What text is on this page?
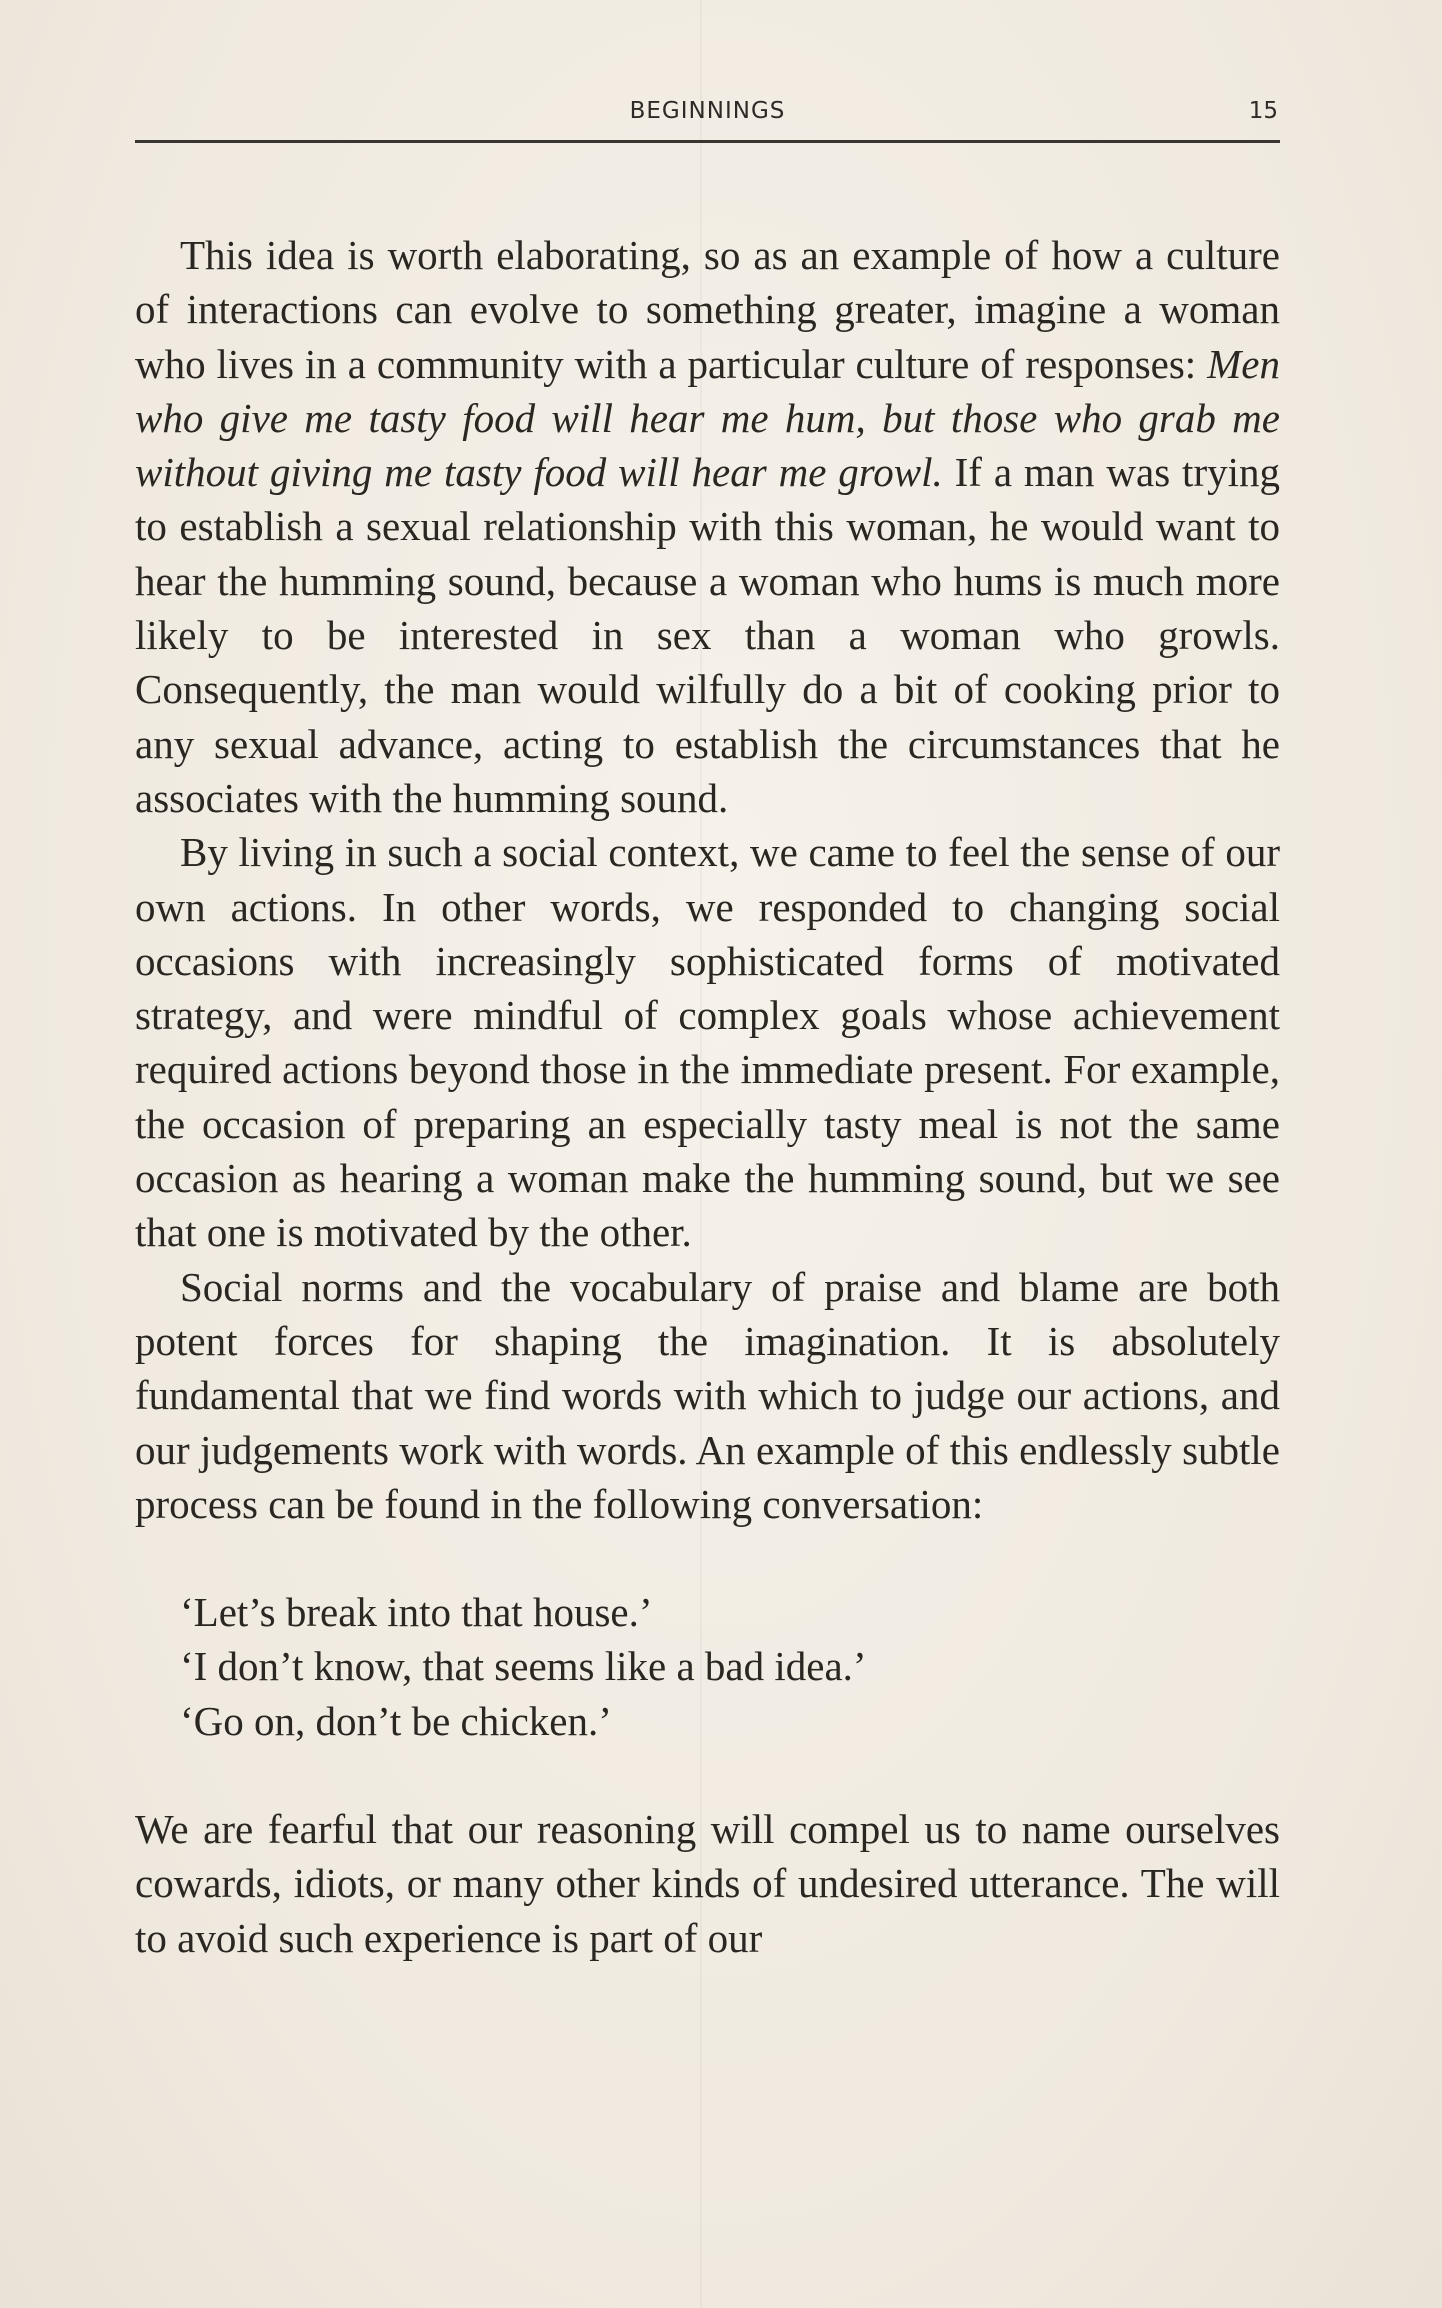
BEGINNINGS	15

This idea is worth elaborating, so as an example of how a culture of interactions can evolve to something greater, imagine a woman who lives in a community with a particular culture of responses: Men who give me tasty food will hear me hum, but those who grab me without giving me tasty food will hear me growl. If a man was trying to establish a sexual relationship with this woman, he would want to hear the humming sound, because a woman who hums is much more likely to be interested in sex than a woman who growls. Consequently, the man would wilfully do a bit of cooking prior to any sexual advance, acting to establish the circumstances that he associates with the humming sound.

By living in such a social context, we came to feel the sense of our own actions. In other words, we responded to changing social occasions with increasingly sophisticated forms of motivated strategy, and were mindful of complex goals whose achievement required actions beyond those in the immediate present. For example, the occasion of preparing an especially tasty meal is not the same occasion as hearing a woman make the humming sound, but we see that one is motivated by the other.

Social norms and the vocabulary of praise and blame are both potent forces for shaping the imagination. It is absolutely fundamental that we find words with which to judge our actions, and our judgements work with words. An example of this endlessly subtle process can be found in the following conversation:

‘Let’s break into that house.’
‘I don’t know, that seems like a bad idea.’
‘Go on, don’t be chicken.’

We are fearful that our reasoning will compel us to name ourselves cowards, idiots, or many other kinds of undesired utterance. The will to avoid such experience is part of our
